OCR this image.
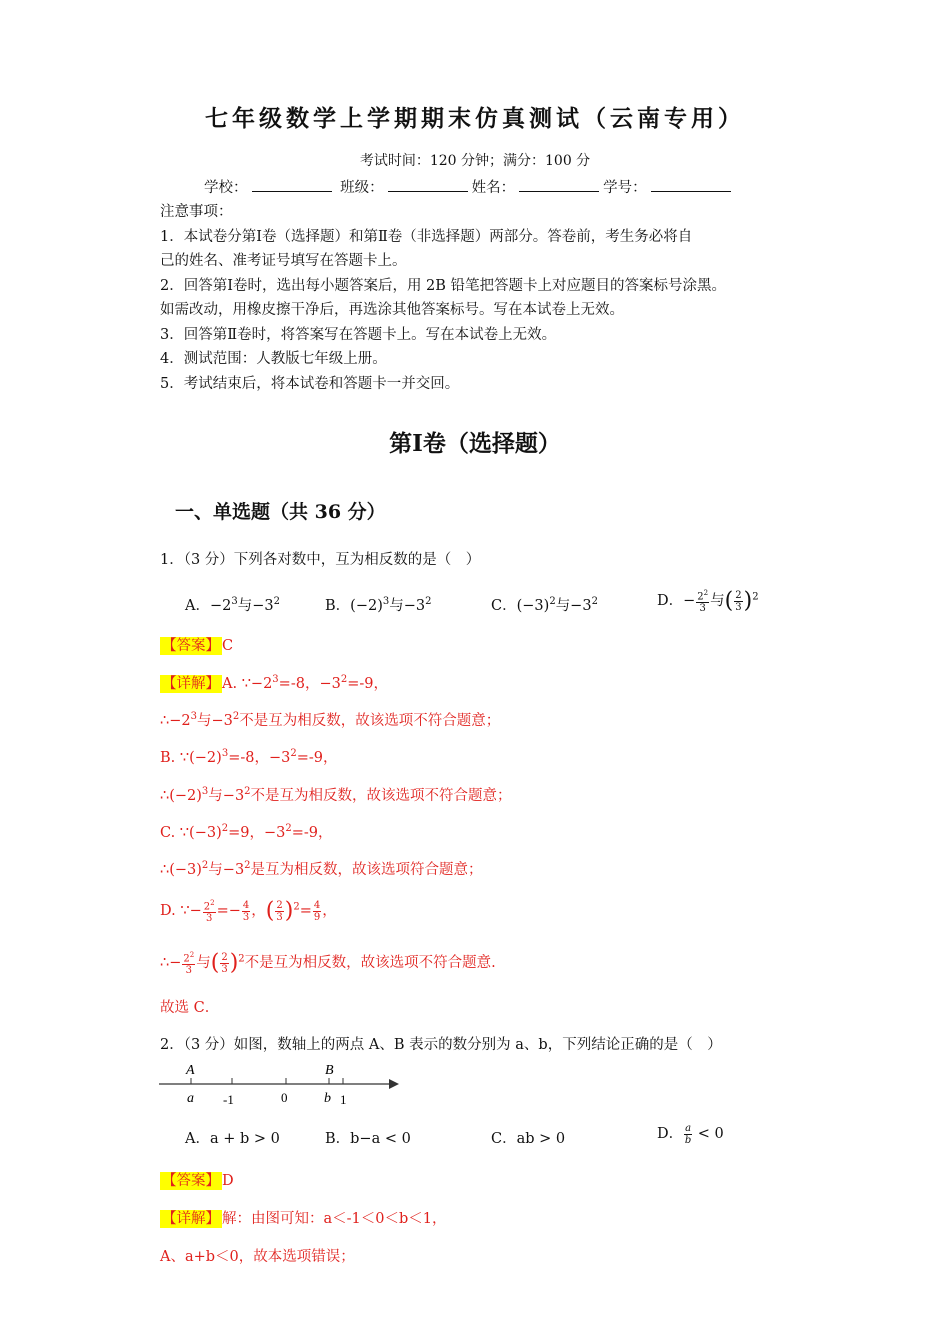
七年级数学上学期期末仿真测试（云南专用）
考试时间：120 分钟；满分：100 分
学校：	班级：	姓名：	学号：
注意事项：
1．本试卷分第Ⅰ卷（选择题）和第Ⅱ卷（非选择题）两部分。答卷前，考生务必将自
己的姓名、准考证号填写在答题卡上。
2．回答第Ⅰ卷时，选出每小题答案后，用 2B 铅笔把答题卡上对应题目的答案标号涂黑。
如需改动，用橡皮擦干净后，再选涂其他答案标号。写在本试卷上无效。
3．回答第Ⅱ卷时，将答案写在答题卡上。写在本试卷上无效。
4．测试范围：人教版七年级上册。
5．考试结束后，将本试卷和答题卡一并交回。
第Ⅰ卷（选择题）
一、单选题（共 36 分）
1．（3 分）下列各对数中，互为相反数的是（　）
A．$-2^3$与$-3^2$	B．$(-2)^3$与$-3^2$	C．$(-3)^2$与$-3^2$	D．− $\frac{2^2}{3}$ 与( $\frac{2}{3} )^2$
【答案】 C
【详解】 A. $\because-2^3=-8$，$-3^2=-9$，
$\therefore-2^3$与$-3^2$不是互为相反数，故该选项不符合题意；
B. $\because(-2)^3=-8$，$-3^2=-9$，
$\therefore(-2)^3$与$-3^2$不是互为相反数，故该选项不符合题意；
C. $\because(-3)^2=9$，$-3^2=-9$，
$\therefore(-3)^2$与$-3^2$是互为相反数，故该选项符合题意；
D. ∵− $\frac{2^2}{3} =- \frac{4}{3}$ ，( $\frac{2}{3} )^2= \frac{4}{9}$ ，
∴− $\frac{2^2}{3}$ 与( $\frac{2}{3} )^2$不是互为相反数，故该选项不符合题意.
故选 C．
2．（3 分）如图，数轴上的两点 A、B 表示的数分别为 a、b，下列结论正确的是（　）
A	B
a -1	0	b 1
A．a + b > 0	B．b−a < 0	C．ab > 0	D． $\frac{a}{b} < 0$
【答案】 D
【详解】 解：由图可知：a＜-1＜0＜b＜1，
A、a+b＜0，故本选项错误；
